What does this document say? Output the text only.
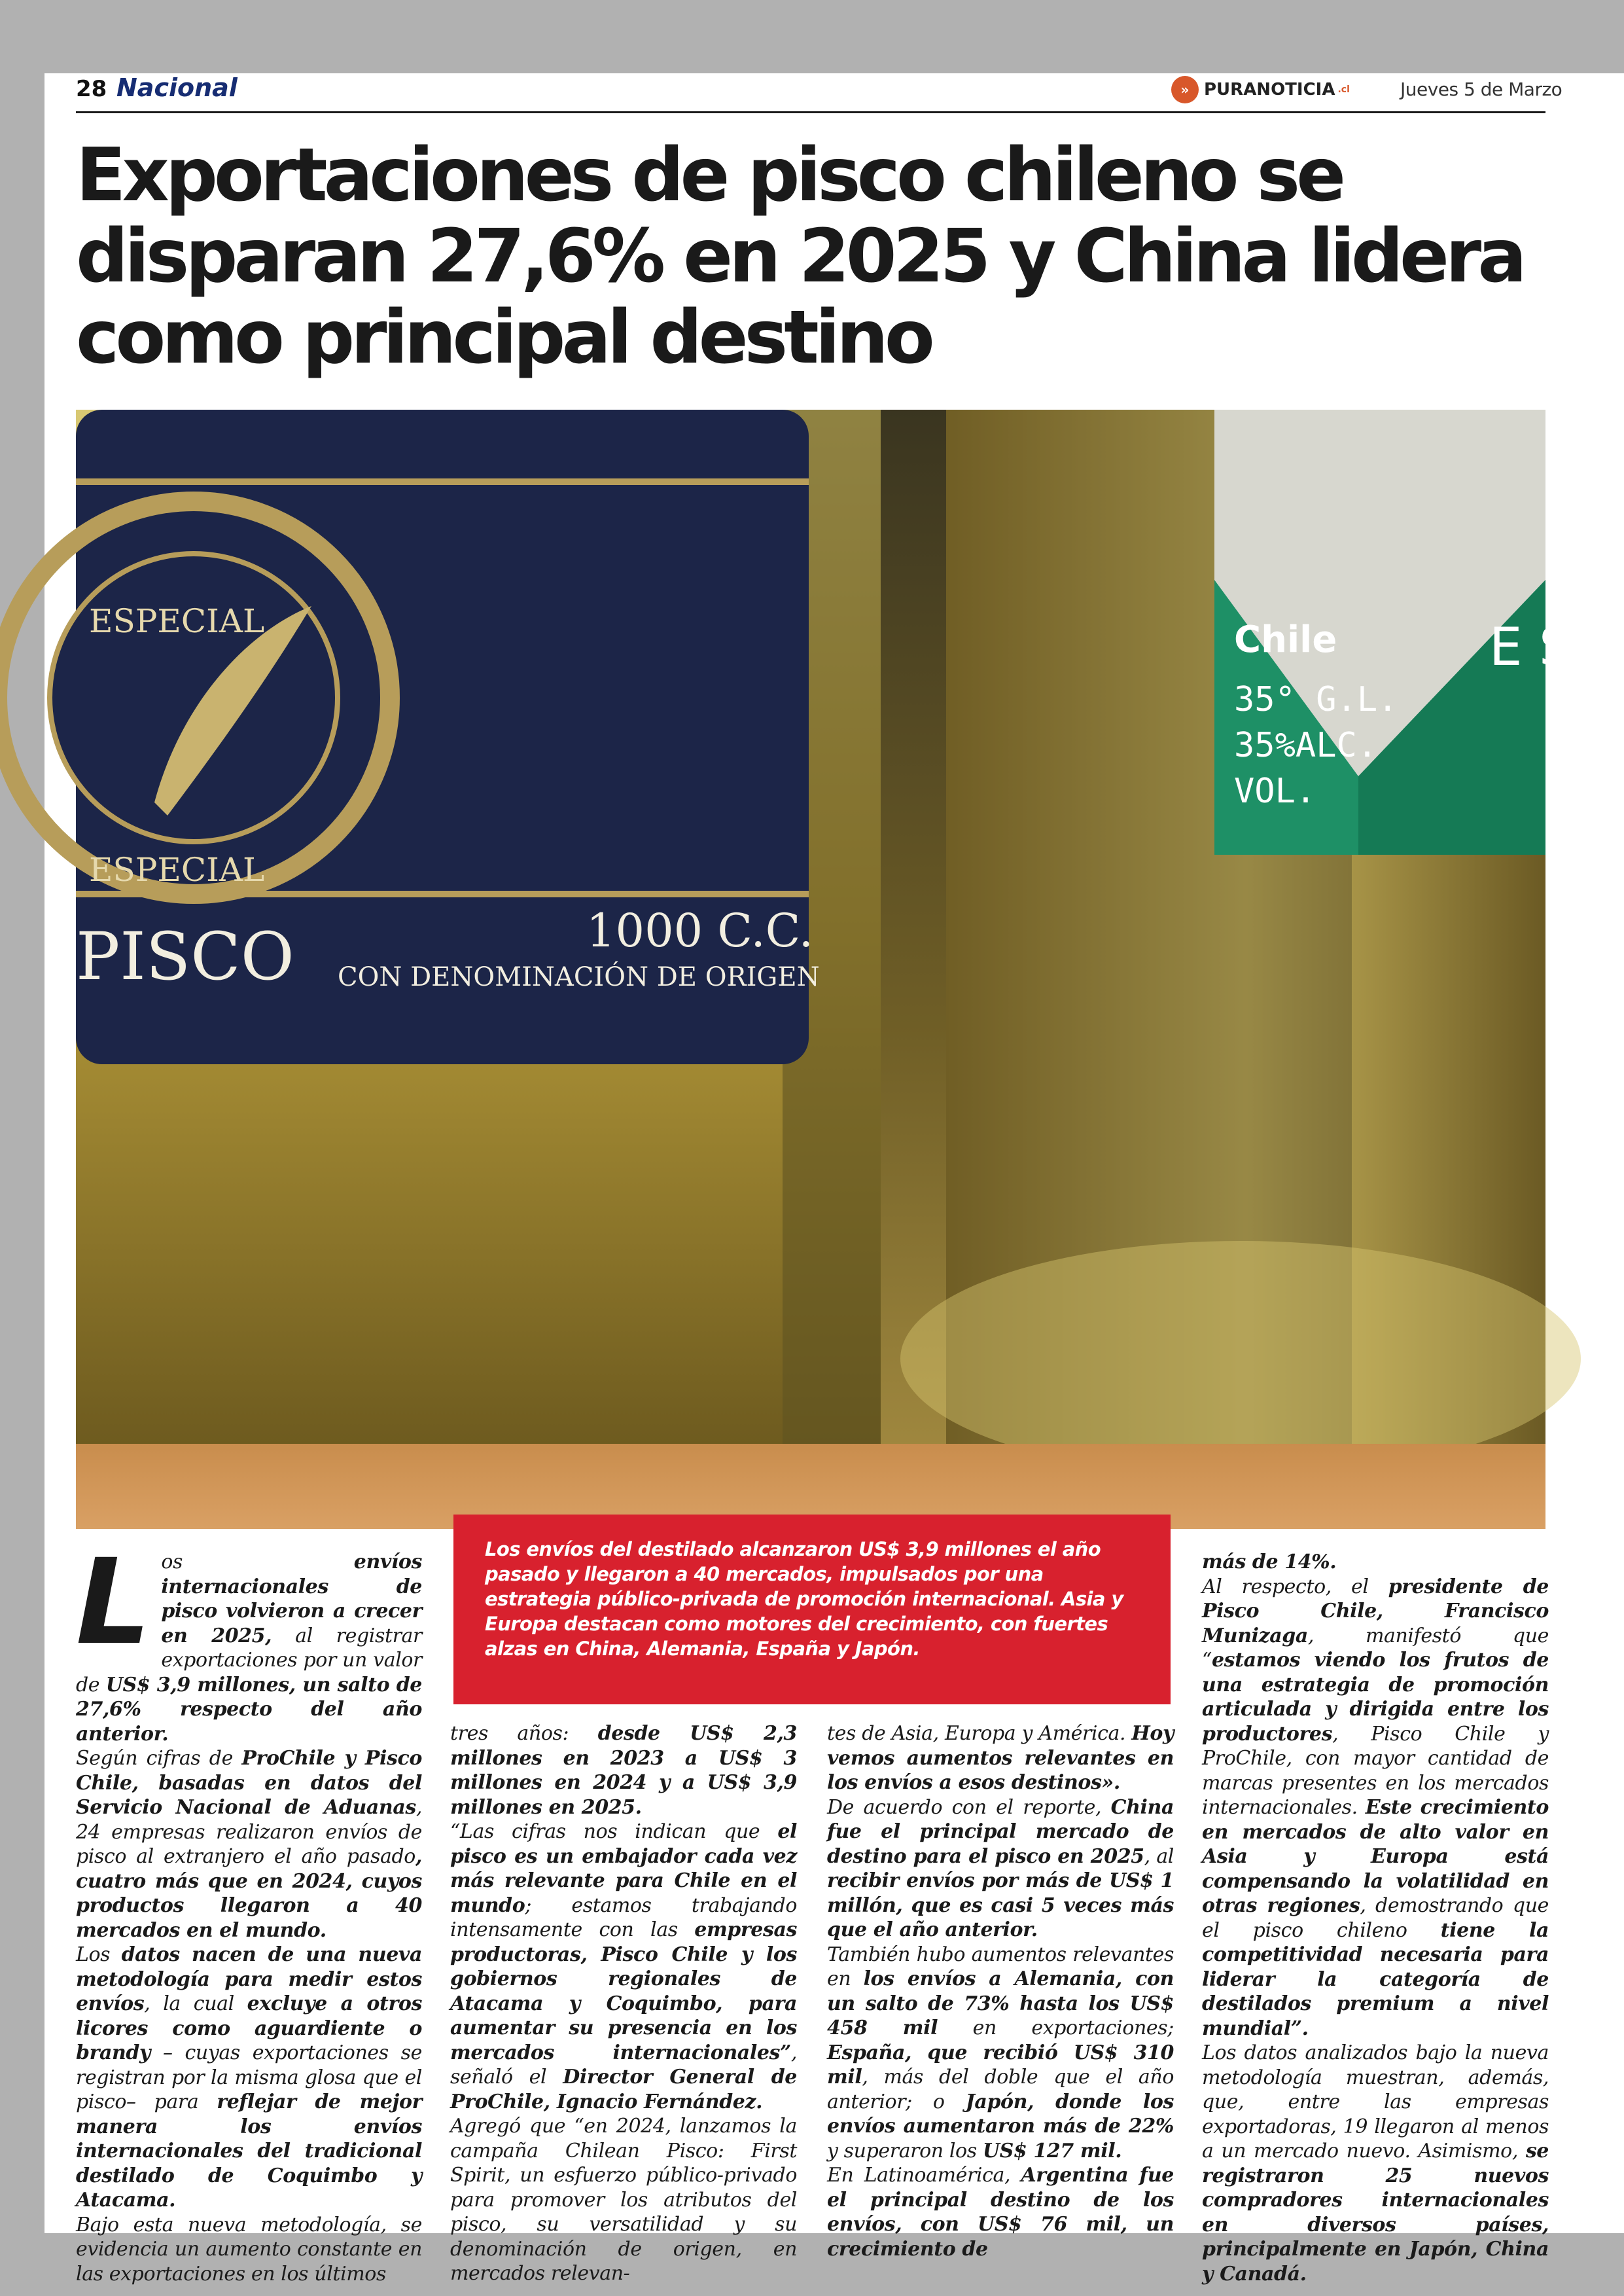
28 Nacional	» PURANOTICIA .cl	Jueves 5 de Marzo
Exportaciones de pisco chileno se
disparan 27,6% en 2025 y China lidera
como principal destino
ESPECIAL
ESPECIAL
PISCO	1000 C.C.
CON DENOMINACIÓN DE ORIGEN
Chile
35° G.L.
35%ALC.
VOL.
E S

Los envíos del destilado alcanzaron US$ 3,9 millones el año pasado y llegaron a 40 mercados, impulsados por una estrategia público-privada de promoción internacional. Asia y Europa destacan como motores del crecimiento, con fuertes alzas en China, Alemania, España y Japón.

L os envíos internacionales de pisco volvieron a crecer en 2025, al registrar exportaciones por un valor de US$ 3,9 millones, un salto de 27,6% respecto del año anterior.

Según cifras de ProChile y Pisco Chile, basadas en datos del Servicio Nacional de Aduanas, 24 empresas realizaron envíos de pisco al extranjero el año pasado, cuatro más que en 2024, cuyos productos llegaron a 40 mercados en el mundo.

Los datos nacen de una nueva metodología para medir estos envíos, la cual excluye a otros licores como aguardiente o brandy – cuyas exportaciones se registran por la misma glosa que el pisco– para reflejar de mejor manera los envíos internacionales del tradicional destilado de Coquimbo y Atacama.

Bajo esta nueva metodología, se evidencia un aumento constante en las exportaciones en los últimos

tres años: desde US$ 2,3 millones en 2023 a US$ 3 millones en 2024 y a US$ 3,9 millones en 2025.

“Las cifras nos indican que el pisco es un embajador cada vez más relevante para Chile en el mundo; estamos trabajando intensamente con las empresas productoras, Pisco Chile y los gobiernos regionales de Atacama y Coquimbo, para aumentar su presencia en los mercados internacionales”, señaló el Director General de ProChile, Ignacio Fernández.

Agregó que “en 2024, lanzamos la campaña Chilean Pisco: First Spirit, un esfuerzo público-privado para promover los atributos del pisco, su versatilidad y su denominación de origen, en mercados relevan-

tes de Asia, Europa y América. Hoy vemos aumentos relevantes en los envíos a esos destinos».

De acuerdo con el reporte, China fue el principal mercado de destino para el pisco en 2025, al recibir envíos por más de US$ 1 millón, que es casi 5 veces más que el año anterior.

También hubo aumentos relevantes en los envíos a Alemania, con un salto de 73% hasta los US$ 458 mil en exportaciones; España, que recibió US$ 310 mil, más del doble que el año anterior; o Japón, donde los envíos aumentaron más de 22% y superaron los US$ 127 mil.

En Latinoamérica, Argentina fue el principal destino de los envíos, con US$ 76 mil, un crecimiento de

más de 14%.

Al respecto, el presidente de Pisco Chile, Francisco Munizaga, manifestó que “estamos viendo los frutos de una estrategia de promoción articulada y dirigida entre los productores, Pisco Chile y ProChile, con mayor cantidad de marcas presentes en los mercados internacionales. Este crecimiento en mercados de alto valor en Asia y Europa está compensando la volatilidad en otras regiones, demostrando que el pisco chileno tiene la competitividad necesaria para liderar la categoría de destilados premium a nivel mundial”.

Los datos analizados bajo la nueva metodología muestran, además, que, entre las empresas exportadoras, 19 llegaron al menos a un mercado nuevo. Asimismo, se registraron 25 nuevos compradores internacionales en diversos países, principalmente en Japón, China y Canadá.
